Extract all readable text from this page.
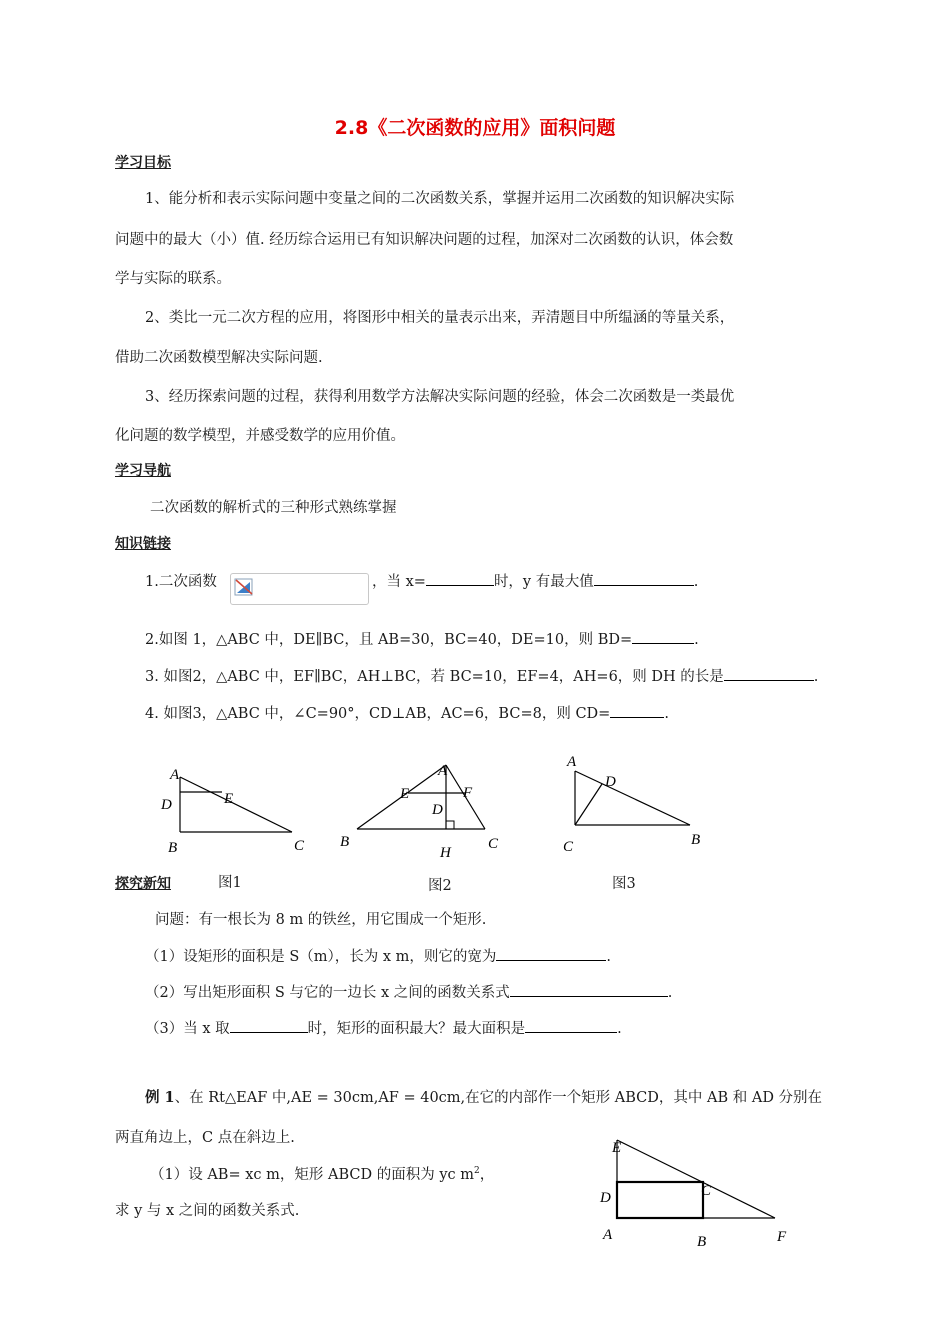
2.8《二次函数的应用》面积问题
学习目标
1、能分析和表示实际问题中变量之间的二次函数关系，掌握并运用二次函数的知识解决实际
问题中的最大（小）值. 经历综合运用已有知识解决问题的过程，加深对二次函数的认识，体会数
学与实际的联系。
2、类比一元二次方程的应用，将图形中相关的量表示出来，弄清题目中所缊涵的等量关系，
借助二次函数模型解决实际问题.
3、经历探索问题的过程，获得利用数学方法解决实际问题的经验，体会二次函数是一类最优
化问题的数学模型，并感受数学的应用价值。
学习导航
二次函数的解析式的三种形式熟练掌握
知识链接
1.二次函数	，当 x=	时，y 有最大值	.
2.如图 1，△ABC 中，DE∥BC，且 AB=30，BC=40，DE=10，则 BD=	.
3. 如图2，△ABC 中，EF∥BC，AH⊥BC，若 BC=10，EF=4，AH=6，则 DH 的长是	.
4. 如图3，△ABC 中，∠C=90°，CD⊥AB，AC=6，BC=8，则 CD=	.
A
D	E
B	C
A
E	F
D
B
H
C
A
D
C	B
探究新知	图1	图2	图3
问题：有一根长为 8 m 的铁丝，用它围成一个矩形.
（1）设矩形的面积是 S（m），长为 x m，则它的宽为	.
（2）写出矩形面积 S 与它的一边长 x 之间的函数关系式	.
（3）当 x 取	时，矩形的面积最大？最大面积是	.
例 1、在 Rt△EAF 中,AE = 30cm,AF = 40cm,在它的内部作一个矩形 ABCD，其中 AB 和 AD 分别在
两直角边上，C 点在斜边上.
（1）设 AB= xc m，矩形 ABCD 的面积为 yc $m^2$，
求 y 与 x 之间的函数关系式.
E
D	C
A	B	F
